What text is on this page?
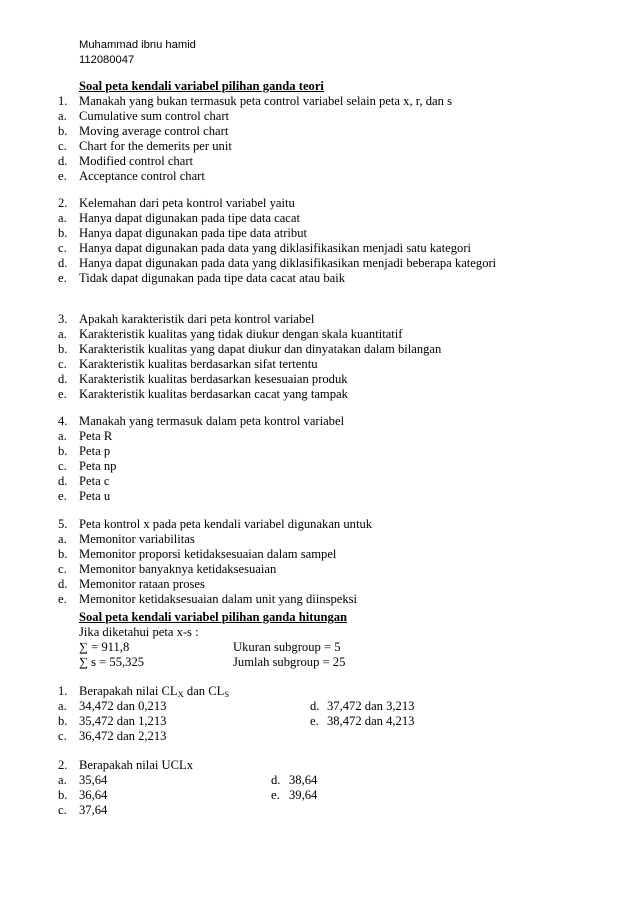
Muhammad ibnu hamid
112080047
Soal peta kendali variabel pilihan ganda teori
1. Manakah yang bukan termasuk peta control variabel selain peta x, r, dan s
a. Cumulative sum control chart
b. Moving average control chart
c. Chart for the demerits per unit
d. Modified control chart
e. Acceptance control chart
2. Kelemahan dari peta kontrol variabel yaitu
a. Hanya dapat digunakan pada tipe data cacat
b. Hanya dapat digunakan pada tipe data atribut
c. Hanya dapat digunakan pada data yang diklasifikasikan menjadi satu kategori
d. Hanya dapat digunakan pada data yang diklasifikasikan menjadi beberapa kategori
e. Tidak dapat digunakan pada tipe data cacat atau baik
3. Apakah karakteristik dari peta kontrol variabel
a. Karakteristik kualitas yang tidak diukur dengan skala kuantitatif
b. Karakteristik kualitas yang dapat diukur dan dinyatakan dalam bilangan
c. Karakteristik kualitas berdasarkan sifat tertentu
d. Karakteristik kualitas berdasarkan kesesuaian produk
e. Karakteristik kualitas berdasarkan cacat yang tampak
4. Manakah yang termasuk dalam peta kontrol variabel
a. Peta R
b. Peta p
c. Peta np
d. Peta c
e. Peta u
5. Peta kontrol x pada peta kendali variabel digunakan untuk
a. Memonitor variabilitas
b. Memonitor proporsi ketidaksesuaian dalam sampel
c. Memonitor banyaknya ketidaksesuaian
d. Memonitor rataan proses
e. Memonitor ketidaksesuaian dalam unit yang diinspeksi
Soal peta kendali variabel pilihan ganda hitungan
Jika diketahui peta x-s :
∑ = 911,8	Ukuran subgroup = 5
∑ s = 55,325	Jumlah subgroup = 25
1. Berapakah nilai $CL_X$ dan $CL_S$
a. 34,472 dan 0,213	d. 37,472 dan 3,213
b. 35,472 dan 1,213	e. 38,472 dan 4,213
c. 36,472 dan 2,213
2. Berapakah nilai UCLx
a. 35,64	d. 38,64
b. 36,64	e. 39,64
c. 37,64
